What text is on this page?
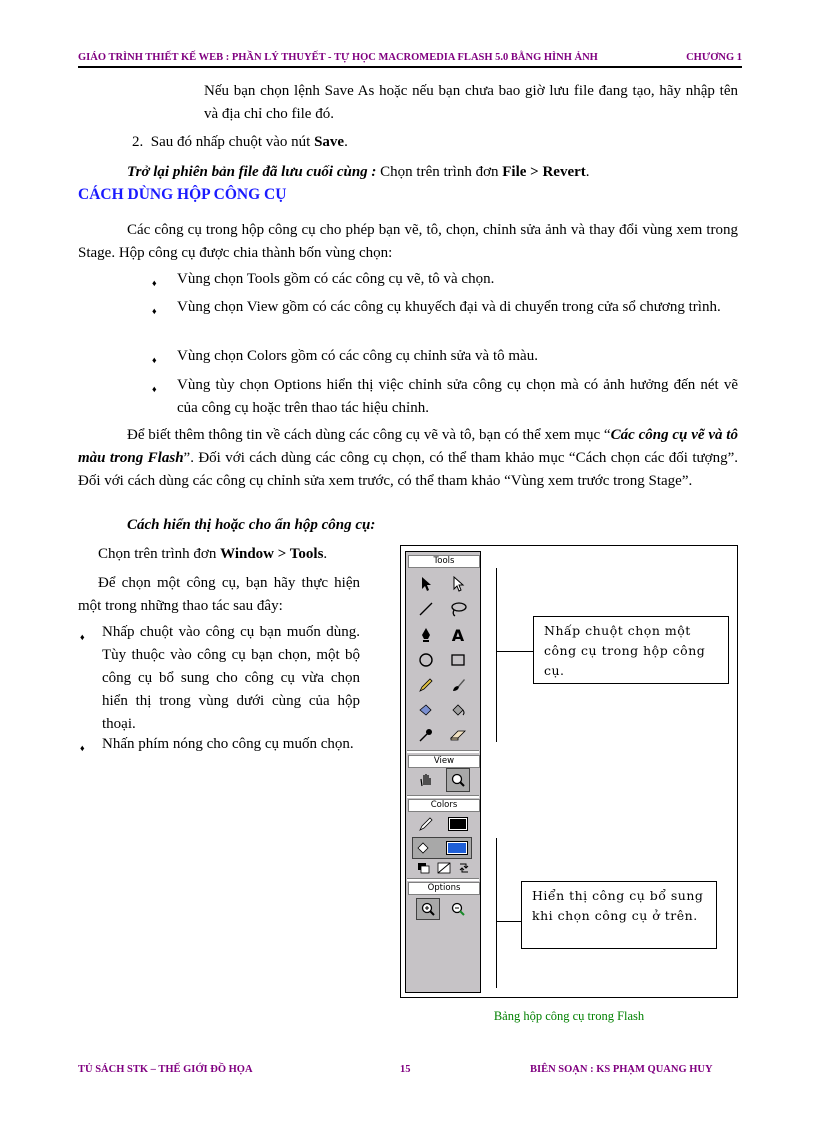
GIÁO TRÌNH THIẾT KẾ WEB : PHẦN LÝ THUYẾT - TỰ HỌC MACROMEDIA FLASH 5.0 BẰNG HÌNH ẢNH	CHƯƠNG 1
Nếu bạn chọn lệnh Save As hoặc nếu bạn chưa bao giờ lưu file đang tạo, hãy nhập tên và địa chỉ cho file đó.
2. Sau đó nhấp chuột vào nút Save.
Trở lại phiên bản file đã lưu cuối cùng : Chọn trên trình đơn File > Revert.
CÁCH DÙNG HỘP CÔNG CỤ
Các công cụ trong hộp công cụ cho phép bạn vẽ, tô, chọn, chỉnh sửa ảnh và thay đổi vùng xem trong Stage. Hộp công cụ được chia thành bốn vùng chọn:
♦ Vùng chọn Tools gồm có các công cụ vẽ, tô và chọn.
♦ Vùng chọn View gồm có các công cụ khuyếch đại và di chuyển trong cửa sổ chương trình.
♦ Vùng chọn Colors gồm có các công cụ chỉnh sửa và tô màu.
♦ Vùng tùy chọn Options hiển thị việc chỉnh sửa công cụ chọn mà có ảnh hưởng đến nét vẽ của công cụ hoặc trên thao tác hiệu chỉnh.
Để biết thêm thông tin về cách dùng các công cụ vẽ và tô, bạn có thể xem mục “Các công cụ vẽ và tô màu trong Flash”. Đối với cách dùng các công cụ chọn, có thể tham khảo mục “Cách chọn các đối tượng”. Đối với cách dùng các công cụ chỉnh sửa xem trước, có thể tham khảo “Vùng xem trước trong Stage”.
Cách hiển thị hoặc cho ẩn hộp công cụ:
Chọn trên trình đơn Window > Tools.
Để chọn một công cụ, bạn hãy thực hiện một trong những thao tác sau đây:
♦ Nhấp chuột vào công cụ bạn muốn dùng. Tùy thuộc vào công cụ bạn chọn, một bộ công cụ bổ sung cho công cụ vừa chọn hiển thị trong vùng dưới cùng của hộp thoại.
♦ Nhấn phím nóng cho công cụ muốn chọn.
Tools
A
View
Colors
Options
Nhấp chuột chọn một công cụ trong hộp công cụ.
Hiển thị công cụ bổ sung khi chọn công cụ ở trên.
Bảng hộp công cụ trong Flash
TỦ SÁCH STK – THẾ GIỚI ĐỒ HỌA	15	BIÊN SOẠN : KS PHẠM QUANG HUY
